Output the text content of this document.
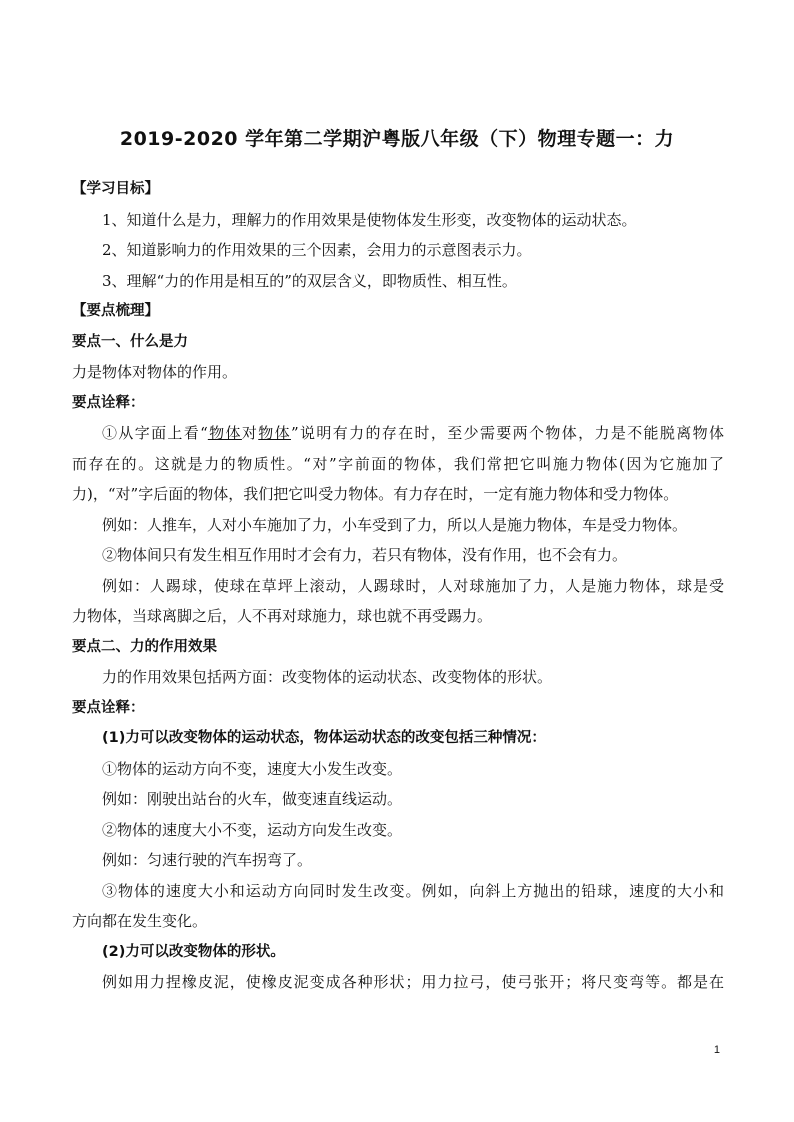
2019-2020 学年第二学期沪粤版八年级（下）物理专题一：力
【学习目标】
1、知道什么是力，理解力的作用效果是使物体发生形变，改变物体的运动状态。
2、知道影响力的作用效果的三个因素，会用力的示意图表示力。
3、理解“力的作用是相互的”的双层含义，即物质性、相互性。
【要点梳理】
要点一、什么是力
力是物体对物体的作用。
要点诠释：
①从字面上看“物体对物体”说明有力的存在时，至少需要两个物体，力是不能脱离物体
而存在的。这就是力的物质性。“对”字前面的物体，我们常把它叫施力物体(因为它施加了
力)，“对”字后面的物体，我们把它叫受力物体。有力存在时，一定有施力物体和受力物体。
例如：人推车，人对小车施加了力，小车受到了力，所以人是施力物体，车是受力物体。
②物体间只有发生相互作用时才会有力，若只有物体，没有作用，也不会有力。
例如：人踢球，使球在草坪上滚动，人踢球时，人对球施加了力，人是施力物体，球是受
力物体，当球离脚之后，人不再对球施力，球也就不再受踢力。
要点二、力的作用效果
力的作用效果包括两方面：改变物体的运动状态、改变物体的形状。
要点诠释：
(1)力可以改变物体的运动状态，物体运动状态的改变包括三种情况：
①物体的运动方向不变，速度大小发生改变。
例如：刚驶出站台的火车，做变速直线运动。
②物体的速度大小不变，运动方向发生改变。
例如：匀速行驶的汽车拐弯了。
③物体的速度大小和运动方向同时发生改变。例如，向斜上方抛出的铅球，速度的大小和
方向都在发生变化。
(2)力可以改变物体的形状。
例如用力捏橡皮泥，使橡皮泥变成各种形状；用力拉弓，使弓张开；将尺变弯等。都是在
1
